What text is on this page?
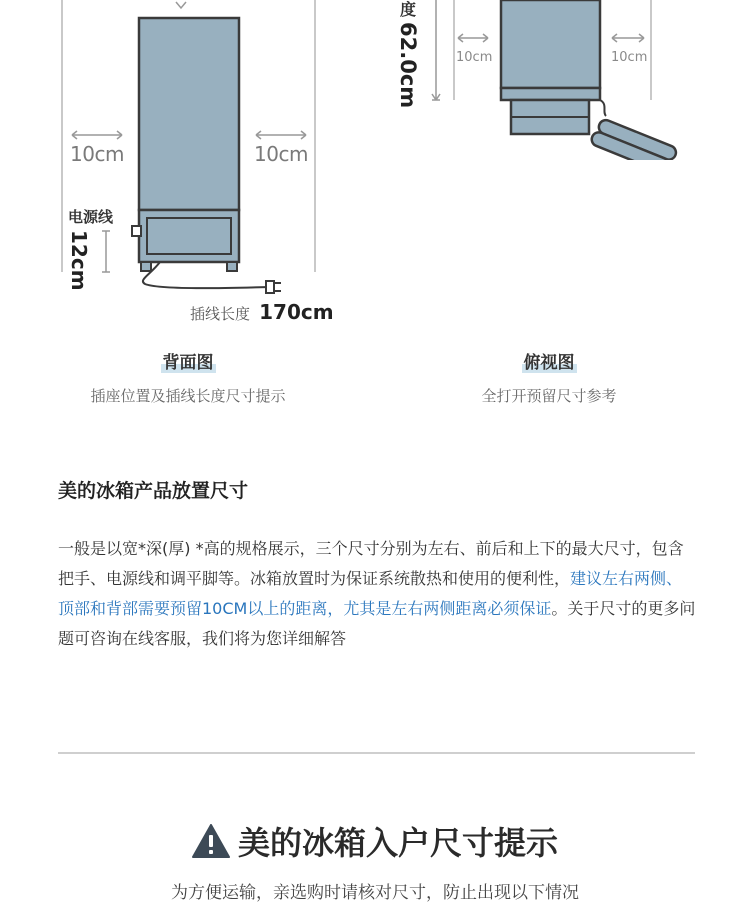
10cm	10cm
电源线
12cm
插线长度 170cm
背面图
插座位置及插线长度尺寸提示
度
62.0cm	10cm	10cm
俯视图
全打开预留尺寸参考
美的冰箱产品放置尺寸
一般是以宽*深(厚) *高的规格展示，三个尺寸分别为左右、前后和上下的最大尺寸，包含把手、电源线和调平脚等。冰箱放置时为保证系统散热和使用的便利性，建议左右两侧、顶部和背部需要预留10CM以上的距离，尤其是左右两侧距离必须保证。关于尺寸的更多问题可咨询在线客服，我们将为您详细解答
美的冰箱入户尺寸提示
为方便运输，亲选购时请核对尺寸，防止出现以下情况
